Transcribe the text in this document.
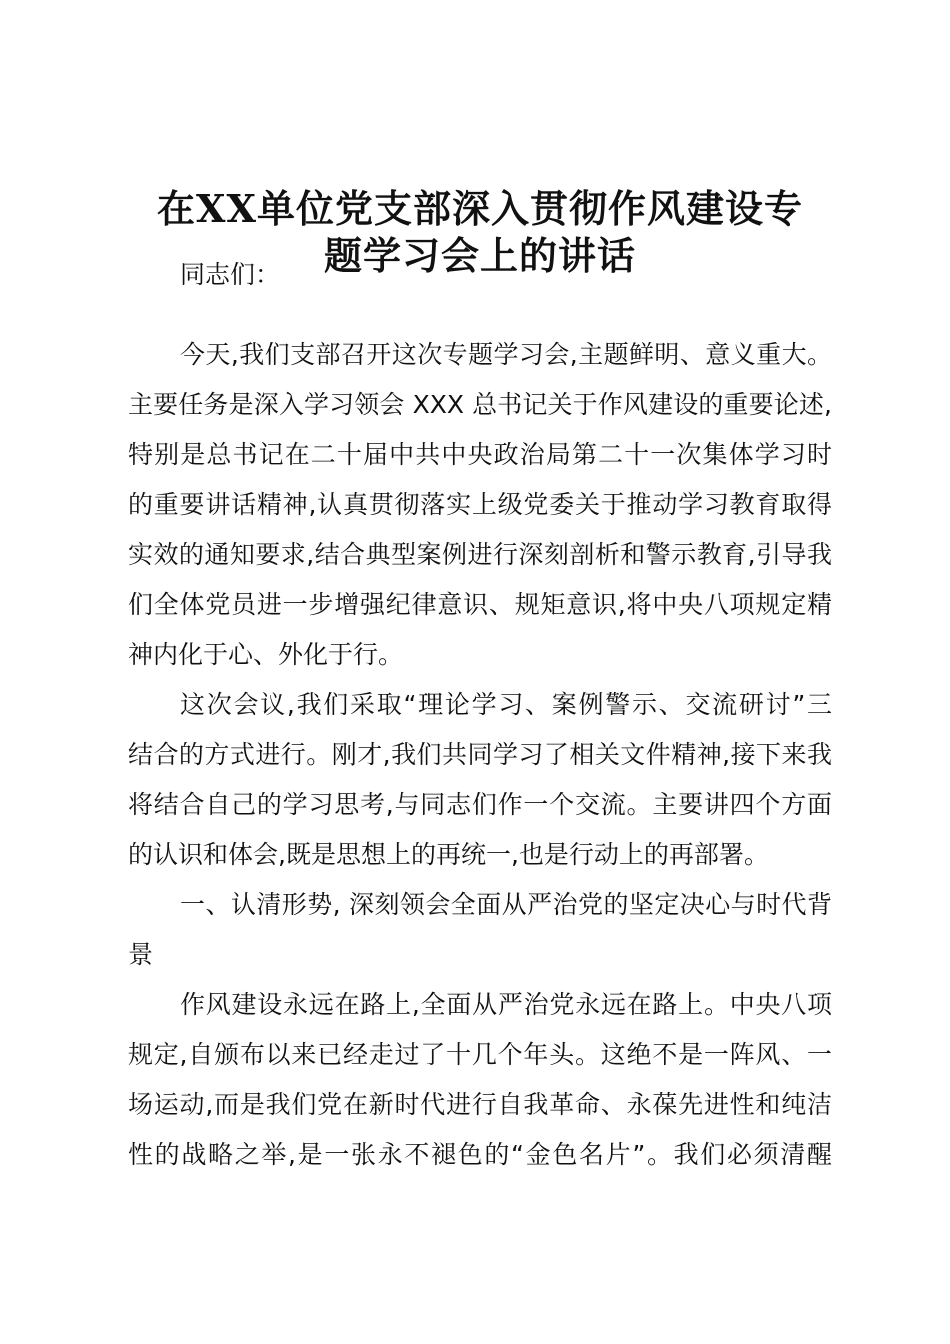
在XX单位党支部深入贯彻作风建设专
题学习会上的讲话
同志们：
今天,我们支部召开这次专题学习会,主题鲜明、意义重大。
主要任务是深入学习领会 XXX 总书记关于作风建设的重要论述,
特别是总书记在二十届中共中央政治局第二十一次集体学习时
的重要讲话精神,认真贯彻落实上级党委关于推动学习教育取得
实效的通知要求,结合典型案例进行深刻剖析和警示教育,引导我
们全体党员进一步增强纪律意识、规矩意识,将中央八项规定精
神内化于心、外化于行。
这次会议,我们采取“理论学习、案例警示、交流研讨”三
结合的方式进行。刚才,我们共同学习了相关文件精神,接下来我
将结合自己的学习思考,与同志们作一个交流。主要讲四个方面
的认识和体会,既是思想上的再统一,也是行动上的再部署。
一、认清形势, 深刻领会全面从严治党的坚定决心与时代背
景
作风建设永远在路上,全面从严治党永远在路上。中央八项
规定,自颁布以来已经走过了十几个年头。这绝不是一阵风、一
场运动,而是我们党在新时代进行自我革命、永葆先进性和纯洁
性的战略之举,是一张永不褪色的“金色名片”。我们必须清醒
